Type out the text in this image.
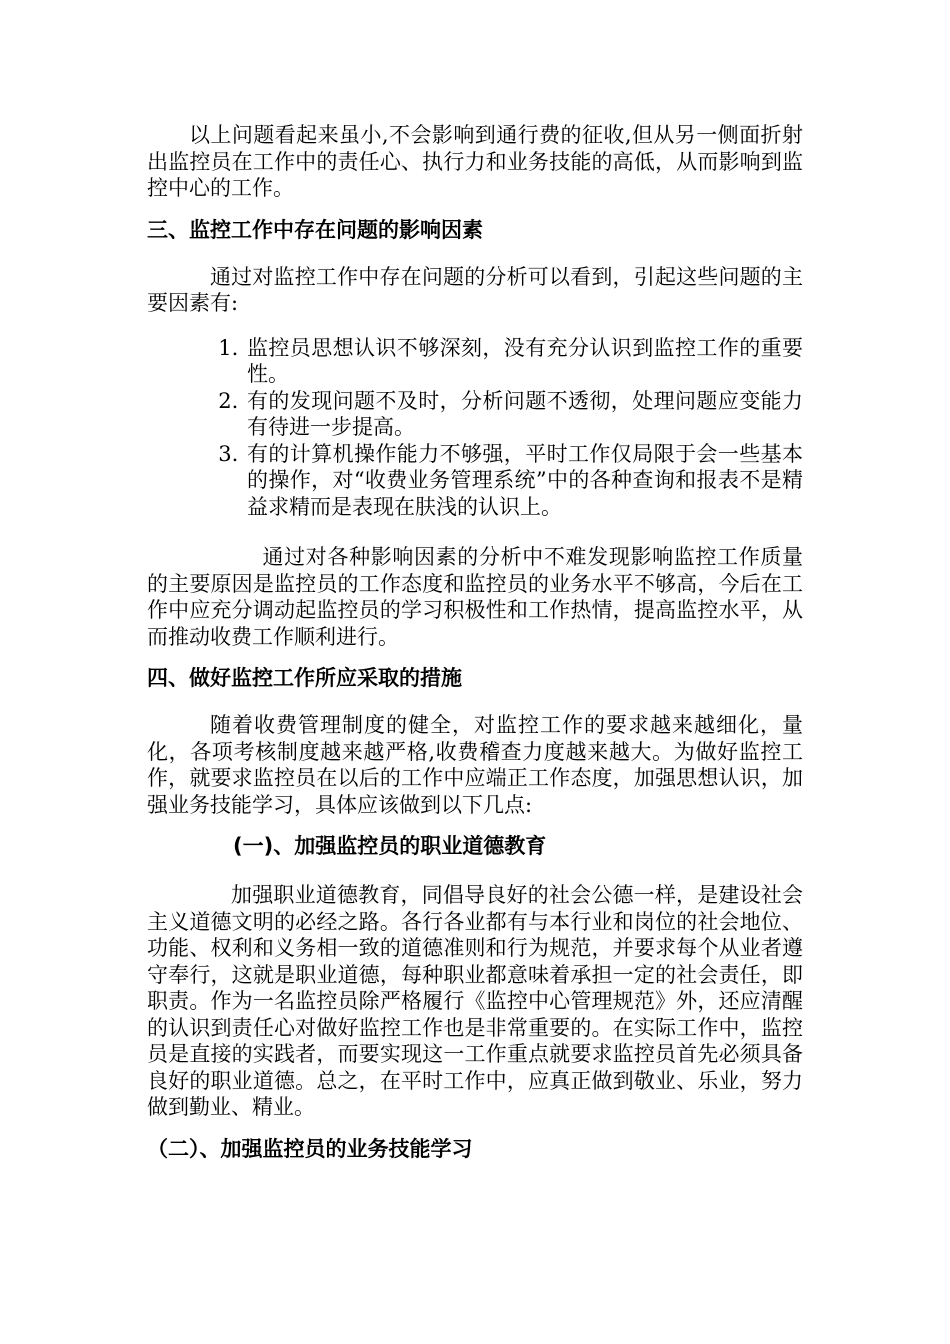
以上问题看起来虽小,不会影响到通行费的征收,但从另一侧面折射出监控员在工作中的责任心、执行力和业务技能的高低，从而影响到监控中心的工作。

三、监控工作中存在问题的影响因素

通过对监控工作中存在问题的分析可以看到，引起这些问题的主要因素有:

1. 监控员思想认识不够深刻，没有充分认识到监控工作的重要性。
2. 有的发现问题不及时，分析问题不透彻，处理问题应变能力有待进一步提高。
3. 有的计算机操作能力不够强，平时工作仅局限于会一些基本的操作，对“收费业务管理系统”中的各种查询和报表不是精益求精而是表现在肤浅的认识上。

通过对各种影响因素的分析中不难发现影响监控工作质量的主要原因是监控员的工作态度和监控员的业务水平不够高，今后在工作中应充分调动起监控员的学习积极性和工作热情，提高监控水平，从而推动收费工作顺利进行。

四、做好监控工作所应采取的措施

随着收费管理制度的健全，对监控工作的要求越来越细化，量化，各项考核制度越来越严格,收费稽查力度越来越大。为做好监控工作，就要求监控员在以后的工作中应端正工作态度，加强思想认识，加强业务技能学习，具体应该做到以下几点:

(一)、加强监控员的职业道德教育

加强职业道德教育，同倡导良好的社会公德一样，是建设社会主义道德文明的必经之路。各行各业都有与本行业和岗位的社会地位、功能、权利和义务相一致的道德准则和行为规范，并要求每个从业者遵守奉行，这就是职业道德，每种职业都意味着承担一定的社会责任，即职责。作为一名监控员除严格履行《监控中心管理规范》外，还应清醒的认识到责任心对做好监控工作也是非常重要的。在实际工作中，监控员是直接的实践者，而要实现这一工作重点就要求监控员首先必须具备良好的职业道德。总之，在平时工作中，应真正做到敬业、乐业，努力做到勤业、精业。

（二）、加强监控员的业务技能学习
